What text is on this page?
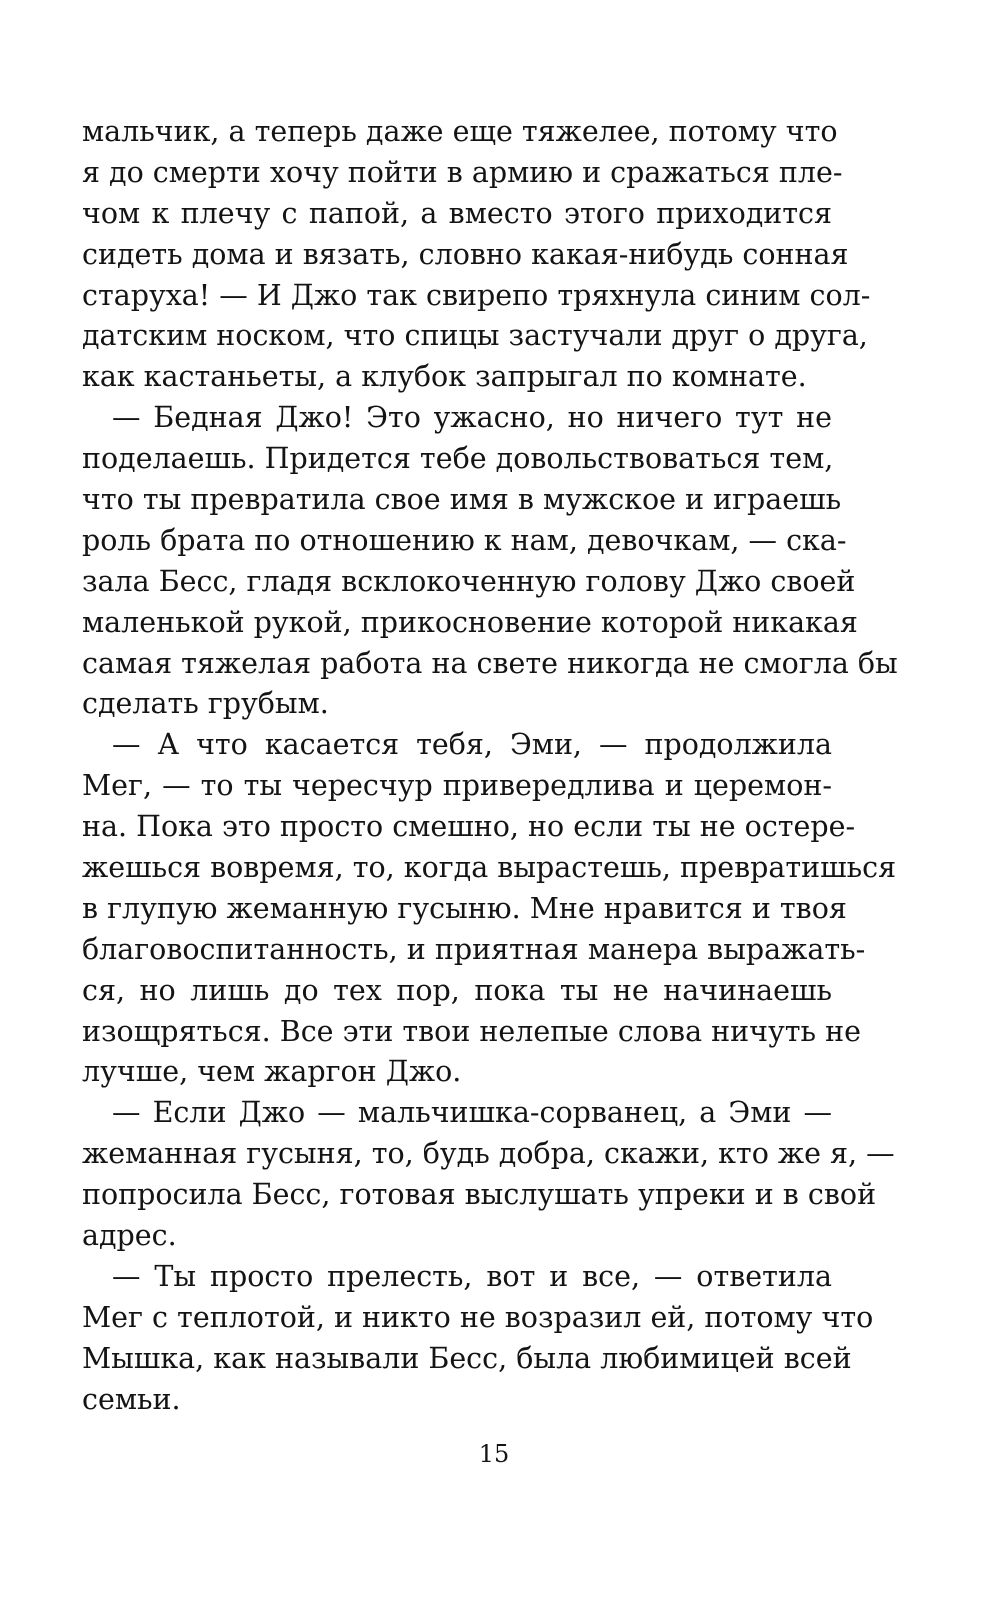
мальчик, а теперь даже еще тяжелее, потому что
я до смерти хочу пойти в армию и сражаться пле-
чом к плечу с папой, а вместо этого приходится
сидеть дома и вязать, словно какая-нибудь сонная
старуха! — И Джо так свирепо тряхнула синим сол-
датским носком, что спицы застучали друг о друга,
как кастаньеты, а клубок запрыгал по комнате.
— Бедная Джо! Это ужасно, но ничего тут не
поделаешь. Придется тебе довольствоваться тем,
что ты превратила свое имя в мужское и играешь
роль брата по отношению к нам, девочкам, — ска-
зала Бесс, гладя всклокоченную голову Джо своей
маленькой рукой, прикосновение которой никакая
самая тяжелая работа на свете никогда не смогла бы
сделать грубым.
— А что касается тебя, Эми, — продолжила
Мег, — то ты чересчур привередлива и церемон-
на. Пока это просто смешно, но если ты не остере-
жешься вовремя, то, когда вырастешь, превратишься
в глупую жеманную гусыню. Мне нравится и твоя
благовоспитанность, и приятная манера выражать-
ся, но лишь до тех пор, пока ты не начинаешь
изощряться. Все эти твои нелепые слова ничуть не
лучше, чем жаргон Джо.
— Если Джо — мальчишка-сорванец, а Эми —
жеманная гусыня, то, будь добра, скажи, кто же я, —
попросила Бесс, готовая выслушать упреки и в свой
адрес.
— Ты просто прелесть, вот и все, — ответила
Мег с теплотой, и никто не возразил ей, потому что
Мышка, как называли Бесс, была любимицей всей
семьи.
15
